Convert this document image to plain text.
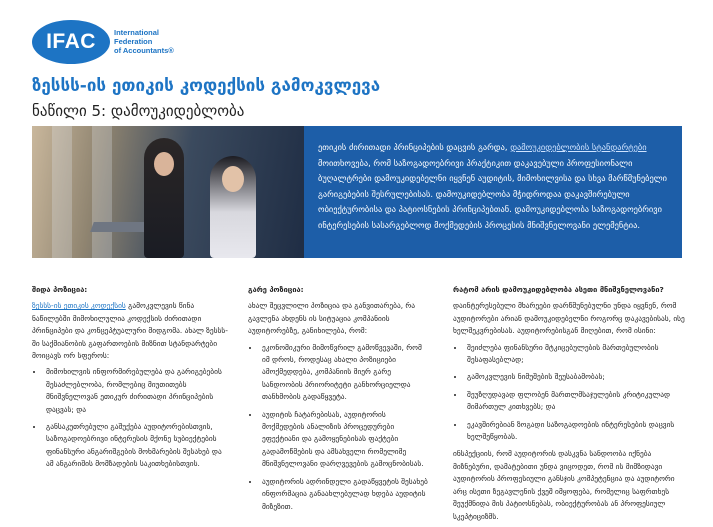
IFAC	International
Federation
of Accountants®
ზესსს-ის ეთიკის კოდექსის გამოკვლევა
ნაწილი 5: დამოუკიდებლობა
ეთიკის ძირითადი პრინციპების დაცვის გარდა, დამოუკიდებლობის სტანდარტები მოითხოვება, რომ საზოგადოებრივი პრაქტიკით დაკავებული პროფესიონალი ბუღალტრები დამოუკიდებელნი იყვნენ აუდიტის, მიმოხილვისა და სხვა მარწმუნებელი გარიგებების შესრულებისას. დამოუკიდებლობა მჭიდროდაა დაკავშირებული ობიექტურობისა და პატიოსნების პრინციპებთან. დამოუკიდებლობა საზოგადოებრივი ინტერესების სასარგებლოდ მოქმედების პროცესის მნიშვნელოვანი ელემენტია.
შიდა პოზიცია:

ზესსს-ის ეთიკის კოდექსის გამოკვლევის წინა ნაწილებში მიმოხილულია კოდექსის ძირითადი პრინციპები და კონცეპტუალური მიდგომა. ახალ ზესსს-ში საქმიანობის გაფართოების მიზნით სტანდარტები მოიცავს ორ სფეროს:

• მიმოხილვის ინფორმირებულება და გარიგებების შესაძლებლობა, რომლებიც მიუთითებს მნიშვნელოვან ეთიკურ ძირითადი პრინციპების დაცვას; და
• განსაკუთრებული გაშუქება აუდიტორებისთვის, საზოგადოებრივი ინტერესის მქონე სუბიექტების ფინანსური ანგარიშგების მოხმარების შესახებ და ამ ანგარიშის მომზადების საკითხებისთვის.
გარე პოზიცია:

ახალ შეცვლილი პოზიცია და განვითარება, რა გავლენა ახდენს ის სიტუაცია კომპანიის აუდიტორებზე, განიხილება, რომ:

• ეკონომიკური მიმოწვრილ გამოწვევაში, რომ იმ დროს, როდესაც ახალი პოზიციები ამოქმედდება, კომპანიის მიერ გარე სანდოობის პრიორიტეტი განხორციელდა თანხმობის გადაწყვეტა.
• აუდიტის ჩატარებისას, აუდიტორის მოქმედების ანალიზის პროცედურები ეფექტიანი და გამოყენებისას ფაქტები გადამოწმების და ამსახველი რომელიმე მნიშვნელოვანი დარღვევების გამოცნობისას.
• აუდიტორის ადრინდელი გადაწყვეტის შესახებ ინფორმაცია განაახლებულად ხდება აუდიტის მიზეზით.
რატომ არის დამოუკიდებლობა ასეთი მნიშვნელოვანი?

დაინტერესებული მხარეები დარწმუნებულნი უნდა იყვნენ, რომ აუდიტორები არიან დამოუკიდებელნი როგორც დაკავებისას, ისე ხელშეკვრებისას. აუდიტორებისგან მიღებით, რომ ისინი:

• შეიძლება ფინანსური მტკიცებულების მართებულობის შესაფასებლად;
• გამოკვლევის ნიმუშების შეუსაბამობას;
• შეუზღუდავად ფლობენ მართლმსაჯულების კრიტიკულად მიმართულ კითხვებს; და
• ეკავშირებიან ზოგადი საზოგადოების ინტერესების დაცვის ხელშეწყობას.

ინსპექციის, რომ აუდიტორის დასკვნა სანდოობა იქნება მიზნებური, დამატებითი უნდა ვიცოდეთ, რომ ის მიმზიდავი აუდიტორის პროფესიული განსჯის კომპეტენცია და აუდიტორი არც ისეთი ზეგავლენის ქვეშ იმყოფება, რომელიც საფრთხეს შეუქმნიდა მის პატიოსნებას, ობიექტურობას ან პროფესიულ სკეპტიციზმს.
